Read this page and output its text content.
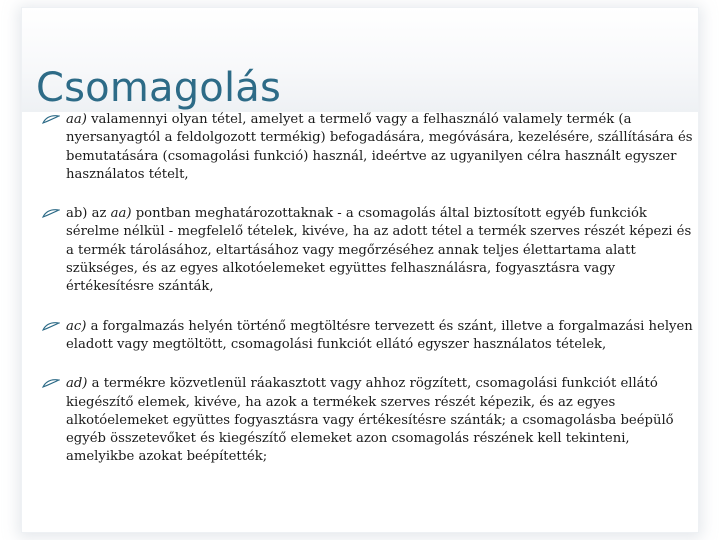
Csomagolás
aa) valamennyi olyan tétel, amelyet a termelő vagy a felhasználó valamely termék (a nyersanyagtól a feldolgozott termékig) befogadására, megóvására, kezelésére, szállítására és bemutatására (csomagolási funkció) használ, ideértve az ugyanilyen célra használt egyszer használatos tételt,
ab) az aa) pontban meghatározottaknak - a csomagolás által biztosított egyéb funkciók sérelme nélkül - megfelelő tételek, kivéve, ha az adott tétel a termék szerves részét képezi és a termék tárolásához, eltartásához vagy megőrzéséhez annak teljes élettartama alatt szükséges, és az egyes alkotóelemeket együttes felhasználásra, fogyasztásra vagy értékesítésre szánták,
ac) a forgalmazás helyén történő megtöltésre tervezett és szánt, illetve a forgalmazási helyen eladott vagy megtöltött, csomagolási funkciót ellátó egyszer használatos tételek,
ad) a termékre közvetlenül ráakasztott vagy ahhoz rögzített, csomagolási funkciót ellátó kiegészítő elemek, kivéve, ha azok a termékek szerves részét képezik, és az egyes alkotóelemeket együttes fogyasztásra vagy értékesítésre szánták; a csomagolásba beépülő egyéb összetevőket és kiegészítő elemeket azon csomagolás részének kell tekinteni, amelyikbe azokat beépítették;
